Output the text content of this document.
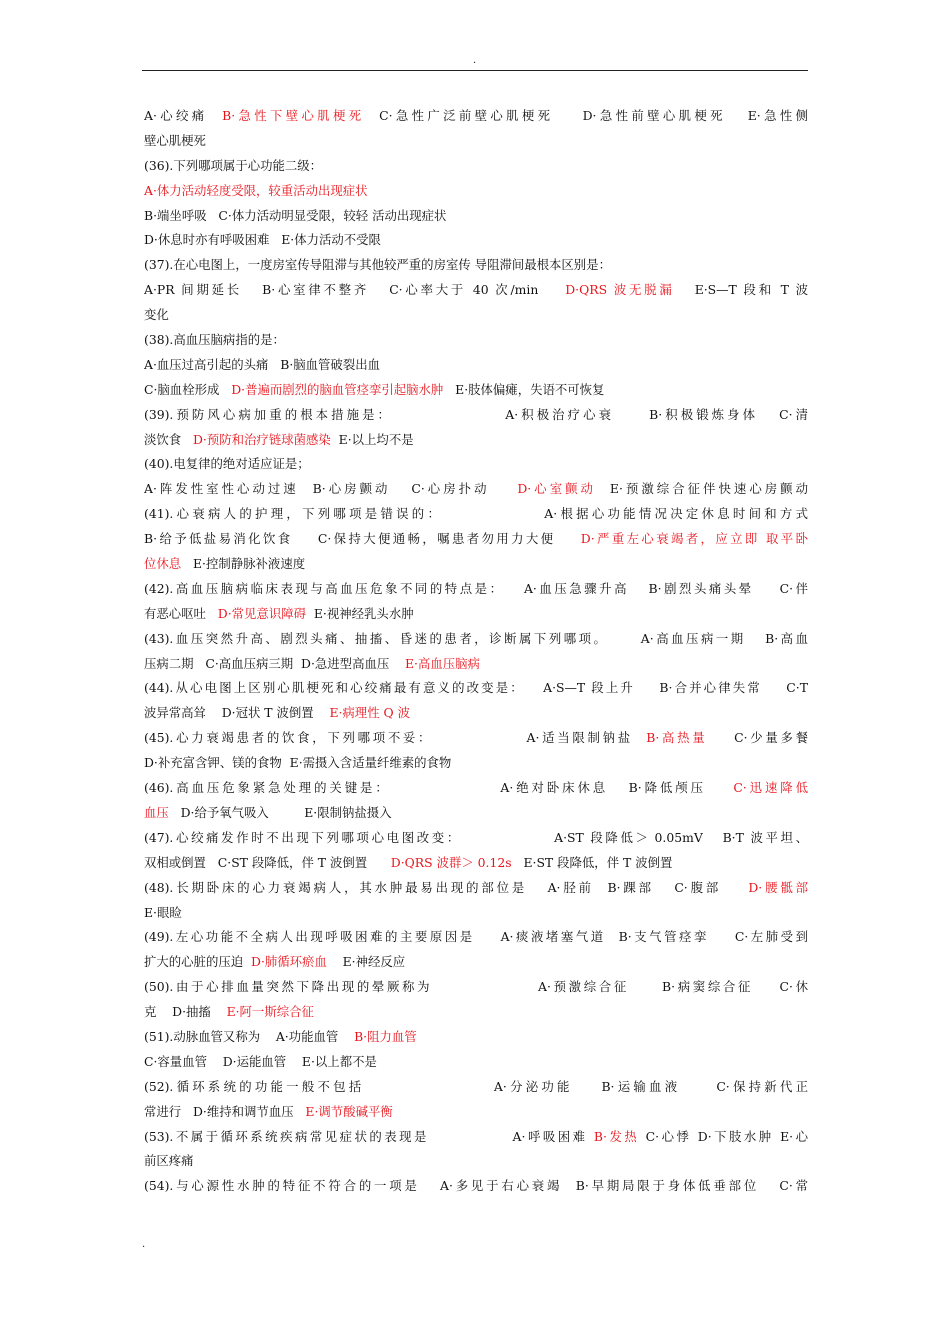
.
A·心绞痛  B·急性下壁心肌梗死  C·急性广泛前壁心肌梗死    D·急性前壁心肌梗死   E·急性侧
壁心肌梗死
(36).下列哪项属于心功能二级：
A·体力活动轻度受限，较重活动出现症状
B·端坐呼吸   C·体力活动明显受限，较轻 活动出现症状
D·休息时亦有呼吸困难   E·体力活动不受限
(37).在心电图上，一度房室传导阻滞与其他较严重的房室传 导阻滞间最根本区别是：
A·PR 间期延长   B·心室律不整齐   C·心率大于 40 次/min    D·QRS 波无脱漏   E·S—T 段和 T 波
变化
(38).高血压脑病指的是：
A·血压过高引起的头痛   B·脑血管破裂出血
C·脑血栓形成   D·普遍而剧烈的脑血管痉挛引起脑水肿   E·肢体偏瘫，失语不可恢复
(39).预防风心病加重的根本措施是：                A·积极治疗心衰     B·积极锻炼身体   C·清
淡饮食   D·预防和治疗链球菌感染  E·以上均不是
(40).电复律的绝对适应证是；
A·阵发性室性心动过速  B·心房颤动   C·心房扑动    D·心室颤动  E·预激综合征伴快速心房颤动
(41).心衰病人的护理，下列哪项是错误的：              A·根据心功能情况决定休息时间和方式
B·给予低盐易消化饮食    C·保持大便通畅，嘱患者勿用力大便    D·严重左心衰竭者，应立即 取平卧
位休息   E·控制静脉补液速度
(42).高血压脑病临床表现与高血压危象不同的特点是：   A·血压急骤升高   B·剧烈头痛头晕    C·伴
有恶心呕吐   D·常见意识障碍  E·视神经乳头水肿
(43).血压突然升高、剧烈头痛、抽搐、昏迷的患者，诊断属下列哪项。     A·高血压病一期   B·高血
压病二期   C·高血压病三期  D·急进型高血压    E·高血压脑病
(44).从心电图上区别心肌梗死和心绞痛最有意义的改变是：   A·S—T 段上升    B·合并心律失常    C·T
波异常高耸    D·冠状 T 波倒置    E·病理性 Q 波
(45).心力衰竭患者的饮食，下列哪项不妥：              A·适当限制钠盐  B·高热量    C·少量多餐
D·补充富含钾、镁的食物  E·需摄入含适量纤维素的食物
(46).高血压危象紧急处理的关键是：                A·绝对卧床休息   B·降低颅压    C·迅速降低
血压   D·给予氧气吸入         E·限制钠盐摄入
(47).心绞痛发作时不出现下列哪项心电图改变：              A·ST 段降低＞ 0.05mV   B·T 波平坦、
双相或倒置   C·ST 段降低，伴 T 波倒置      D·QRS 波群＞ 0.12s   E·ST 段降低，伴 T 波倒置
(48).长期卧床的心力衰竭病人，其水肿最易出现的部位是   A·胫前  B·踝部   C·腹部    D·腰骶部
E·眼睑
(49).左心功能不全病人出现呼吸困难的主要原因是    A·痰液堵塞气道  B·支气管痉挛    C·左肺受到
扩大的心脏的压迫  D·肺循环瘀血    E·神经反应
(50).由于心排血量突然下降出现的晕厥称为                A·预激综合征     B·病窦综合征    C·休
克    D·抽搐    E·阿一斯综合征
(51).动脉血管又称为    A·功能血管    B·阻力血管
C·容量血管    D·运能血管    E·以上都不是
(52).循环系统的功能一般不包括                  A·分泌功能    B·运输血液     C·保持新代正
常进行   D·维持和调节血压   E·调节酸碱平衡
(53).不属于循环系统疾病常见症状的表现是             A·呼吸困难 B·发热 C·心悸 D·下肢水肿 E·心
前区疼痛
(54).与心源性水肿的特征不符合的一项是   A·多见于右心衰竭  B·早期局限于身体低垂部位   C·常
.
